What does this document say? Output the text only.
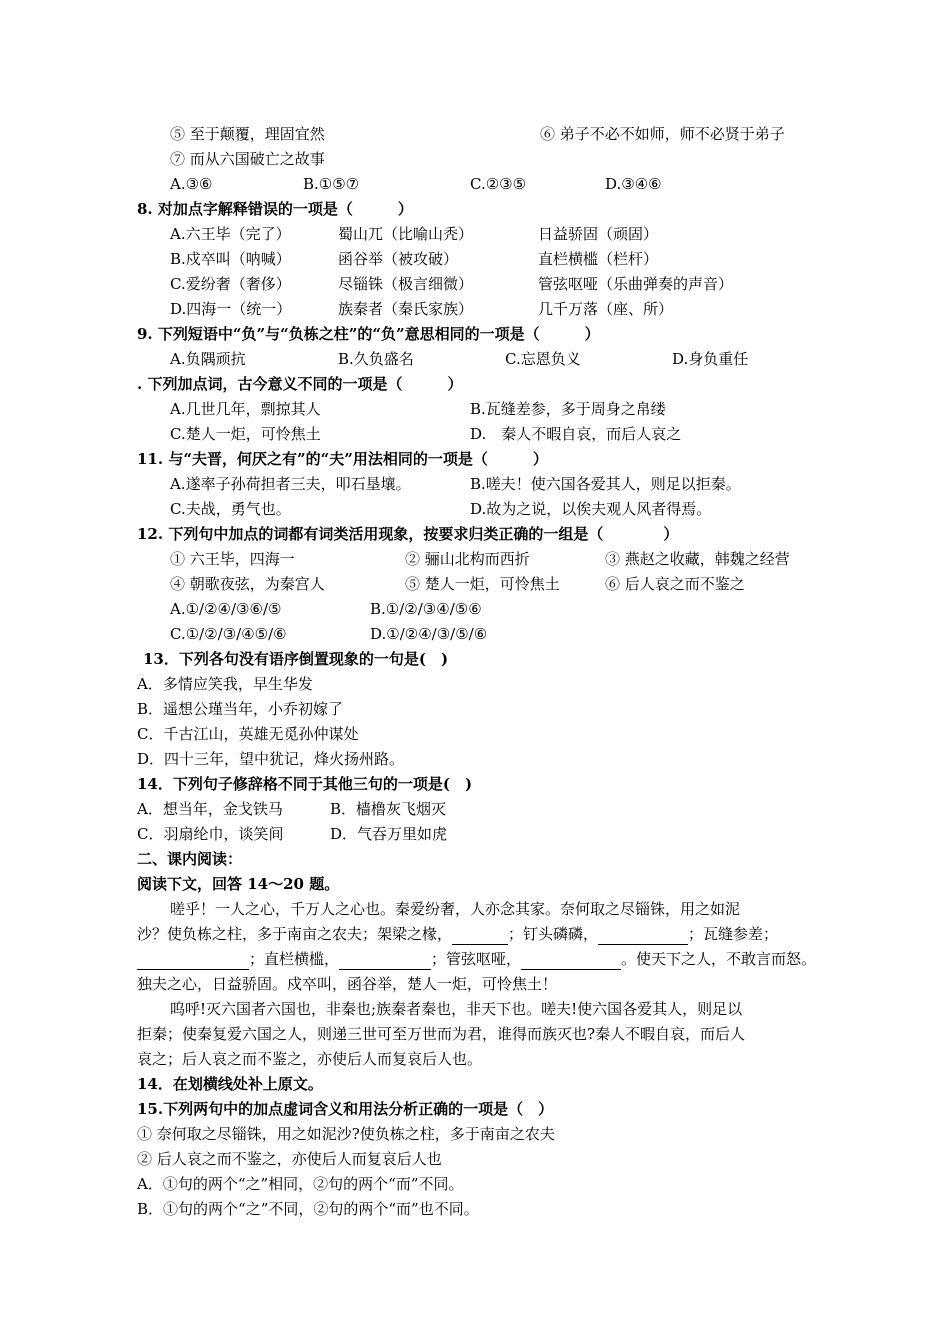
⑤ 至于颠覆，理固宜然	⑥ 弟子不必不如师，师不必贤于弟子
⑦ 而从六国破亡之故事
A.③⑥	B.①⑤⑦	C.②③⑤	D.③④⑥
8. 对加点字解释错误的一项是（　　　）
A.六王毕（完了）	蜀山兀（比喻山秃）	日益骄固（顽固）
B.戍卒叫（呐喊）	函谷举（被攻破）	直栏横槛（栏杆）
C.爱纷奢（奢侈）	尽锱铢（极言细微）	管弦呕哑（乐曲弹奏的声音）
D.四海一（统一）	族秦者（秦氏家族）	几千万落（座、所）
9. 下列短语中“负”与“负栋之柱”的“负”意思相同的一项是（　　　）
A.负隅顽抗	B.久负盛名	C.忘恩负义	D.身负重任
. 下列加点词，古今意义不同的一项是（　　　）
A.几世几年，剽掠其人	B.瓦缝差参，多于周身之帛缕
C.楚人一炬，可怜焦土	D.　秦人不暇自哀，而后人哀之
11. 与“夫晋，何厌之有”的“夫”用法相同的一项是（　　　）
A.遂率子孙荷担者三夫，叩石垦壤。	B.嗟夫！使六国各爱其人，则足以拒秦。
C.夫战，勇气也。	D.故为之说，以俟夫观人风者得焉。
12. 下列句中加点的词都有词类活用现象，按要求归类正确的一组是（　　　　）
① 六王毕，四海一	② 骊山北构而西折	③ 燕赵之收藏，韩魏之经营
④ 朝歌夜弦，为秦宫人	⑤ 楚人一炬，可怜焦土	⑥ 后人哀之而不鉴之
A.①/②④/③⑥/⑤	B.①/②/③④/⑤⑥
C.①/②/③/④⑤/⑥	D.①/②④/③/⑤/⑥
13．下列各句没有语序倒置现象的一句是(　)
A．多情应笑我，早生华发
B．遥想公瑾当年，小乔初嫁了
C．千古江山，英雄无觅孙仲谋处
D．四十三年，望中犹记，烽火扬州路。
14．下列句子修辞格不同于其他三句的一项是(　)
A．想当年，金戈铁马	B．樯橹灰飞烟灭
C．羽扇纶巾，谈笑间	D．气吞万里如虎
二、课内阅读：
阅读下文，回答 14～20 题。
嗟乎！一人之心，千万人之心也。秦爱纷奢，人亦念其家。奈何取之尽锱铢，用之如泥
沙？使负栋之柱，多于南亩之农夫；架梁之椽，	；钉头磷磷，	；瓦缝参差；
；直栏横槛，	；管弦呕哑，	。使天下之人，不敢言而怒。
独夫之心，日益骄固。戍卒叫，函谷举，楚人一炬，可怜焦土！
呜呼!灭六国者六国也，非秦也;族秦者秦也，非天下也。嗟夫!使六国各爱其人，则足以
拒秦；使秦复爱六国之人，则递三世可至万世而为君，谁得而族灭也?秦人不暇自哀，而后人
哀之；后人哀之而不鉴之，亦使后人而复哀后人也。
14．在划横线处补上原文。
15.下列两句中的加点虚词含义和用法分析正确的一项是（　）
① 奈何取之尽锱铢，用之如泥沙?使负栋之柱，多于南亩之农夫
② 后人哀之而不鉴之，亦使后人而复哀后人也
A．①句的两个“之”相同，②句的两个“而”不同。
B．①句的两个“之”不同，②句的两个“而”也不同。
